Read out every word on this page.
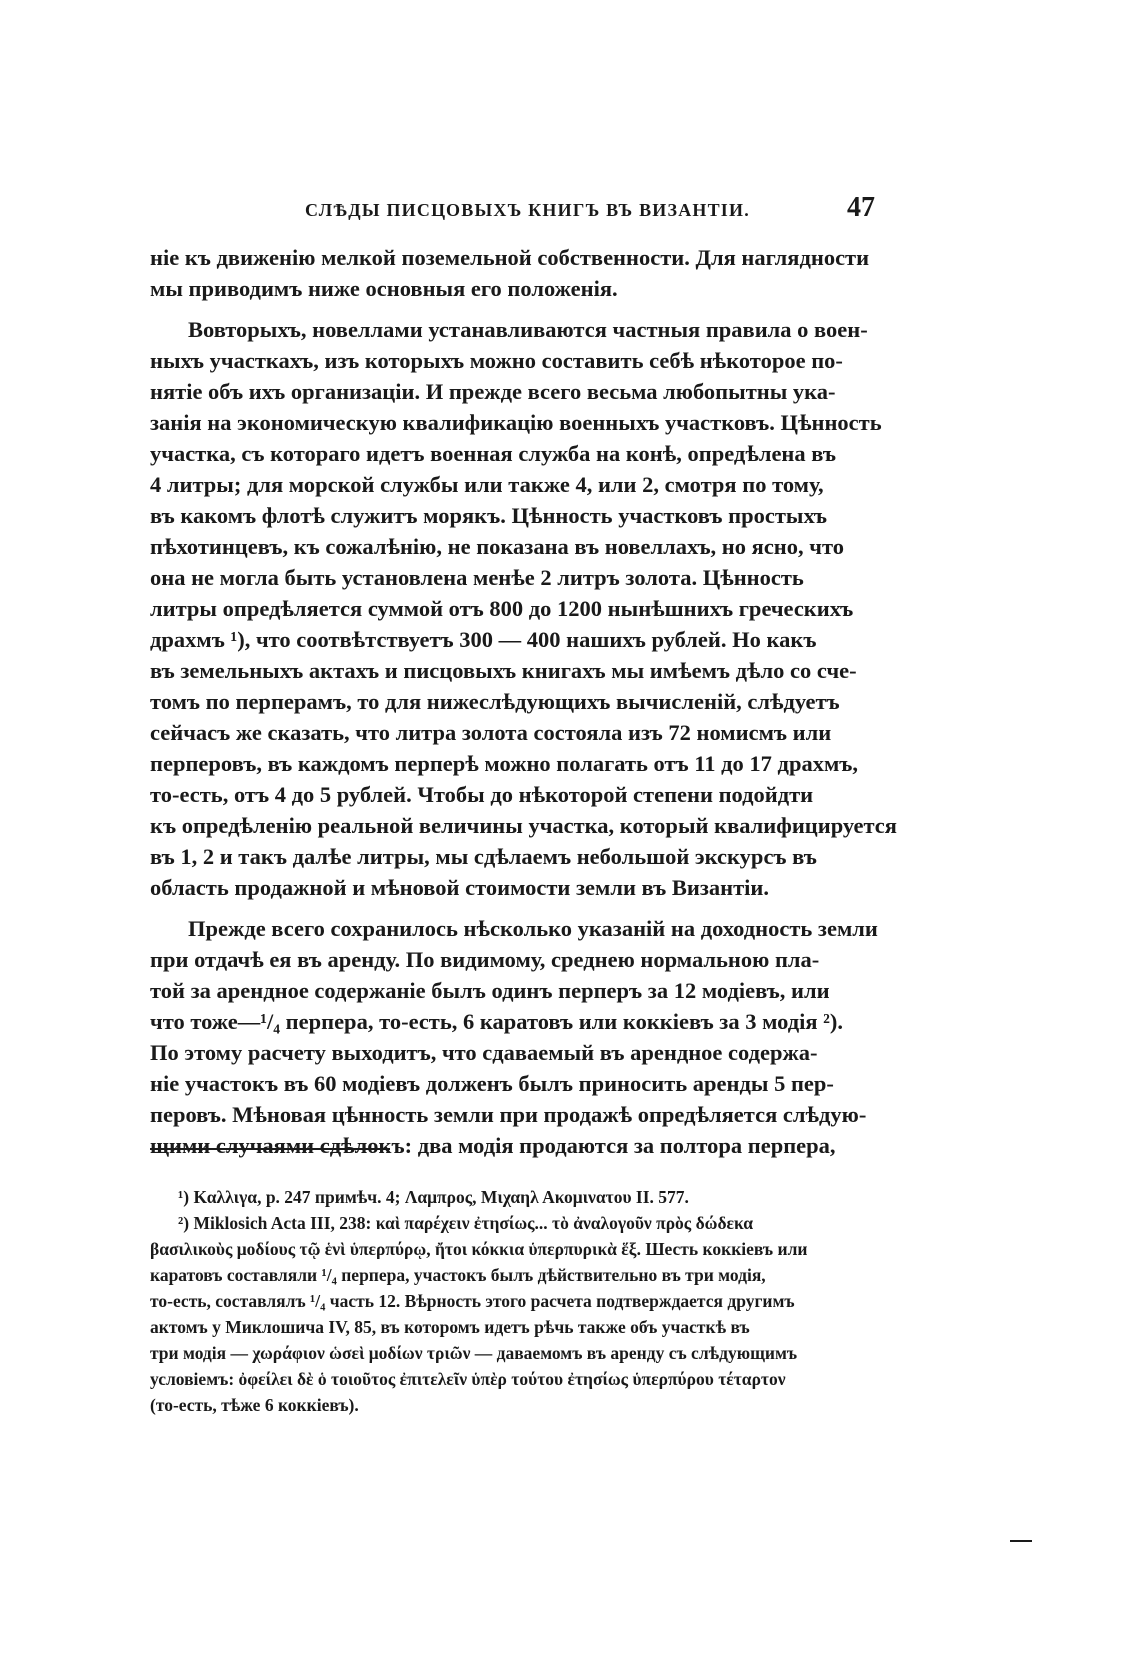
СЛѢДЫ ПИСЦОВЫХЪ КНИГЪ ВЪ ВИЗАНТІИ.	47
ніе къ движенію мелкой поземельной собственности. Для наглядности
мы приводимъ ниже основныя его положенія.
Вовторыхъ, новеллами устанавливаются частныя правила о воен-
ныхъ участкахъ, изъ которыхъ можно составить себѣ нѣкоторое по-
нятіе объ ихъ организаціи. И прежде всего весьма любопытны ука-
занія на экономическую квалификацію военныхъ участковъ. Цѣнность
участка, съ котораго идетъ военная служба на конѣ, опредѣлена въ
4 литры; для морской службы или также 4, или 2, смотря по тому,
въ какомъ флотѣ служитъ морякъ. Цѣнность участковъ простыхъ
пѣхотинцевъ, къ сожалѣнію, не показана въ новеллахъ, но ясно, что
она не могла быть установлена менѣе 2 литръ золота. Цѣнность
литры опредѣляется суммой отъ 800 до 1200 нынѣшнихъ греческихъ
драхмъ ¹), что соотвѣтствуетъ 300 — 400 нашихъ рублей. Но какъ
въ земельныхъ актахъ и писцовыхъ книгахъ мы имѣемъ дѣло со сче-
томъ по перперамъ, то для нижеслѣдующихъ вычисленій, слѣдуетъ
сейчасъ же сказать, что литра золота состояла изъ 72 номисмъ или
перперовъ, въ каждомъ перперѣ можно полагать отъ 11 до 17 драхмъ,
то-есть, отъ 4 до 5 рублей. Чтобы до нѣкоторой степени подойдти
къ опредѣленію реальной величины участка, который квалифицируется
въ 1, 2 и такъ далѣе литры, мы сдѣлаемъ небольшой экскурсъ въ
область продажной и мѣновой стоимости земли въ Византіи.
Прежде всего сохранилось нѣсколько указаній на доходность земли
при отдачѣ ея въ аренду. По видимому, среднею нормальною пла-
той за арендное содержаніе былъ одинъ перперъ за 12 модіевъ, или
что тоже—¹/₄ перпера, то-есть, 6 каратовъ или коккіевъ за 3 модія ²).
По этому расчету выходитъ, что сдаваемый въ арендное содержа-
ніе участокъ въ 60 модіевъ долженъ былъ приносить аренды 5 пер-
перовъ. Мѣновая цѣнность земли при продажѣ опредѣляется слѣдую-
щими случаями сдѣлокъ: два модія продаются за полтора перпера,
¹) Καλλιγα, p. 247 примѣч. 4; Λαμπρος, Μιχαηλ Ακομινατου II. 577.
²) Miklosich Acta III, 238: καὶ παρέχειν ἐτησίως... τὸ ἀναλογοῦν πρὸς δώδεκα
βασιλικοὺς μοδίους τῷ ἑνὶ ὑπερπύρῳ, ἤτοι κόκκια ὑπερπυρικὰ ἕξ. Шесть коккіевъ или
каратовъ составляли ¹/₄ перпера, участокъ былъ дѣйствительно въ три модія,
то-есть, составлялъ ¹/₄ часть 12. Вѣрность этого расчета подтверждается другимъ
актомъ у Миклошича IV, 85, въ которомъ идетъ рѣчь также объ участкѣ въ
три модія — χωράφιον ὡσεὶ μοδίων τριῶν — даваемомъ въ аренду съ слѣдующимъ
условіемъ: ὀφείλει δὲ ὁ τοιοῦτος ἐπιτελεῖν ὑπὲρ τούτου ἐτησίως ὑπερπύρου τέταρτον
(то-есть, тѣже 6 коккіевъ).
